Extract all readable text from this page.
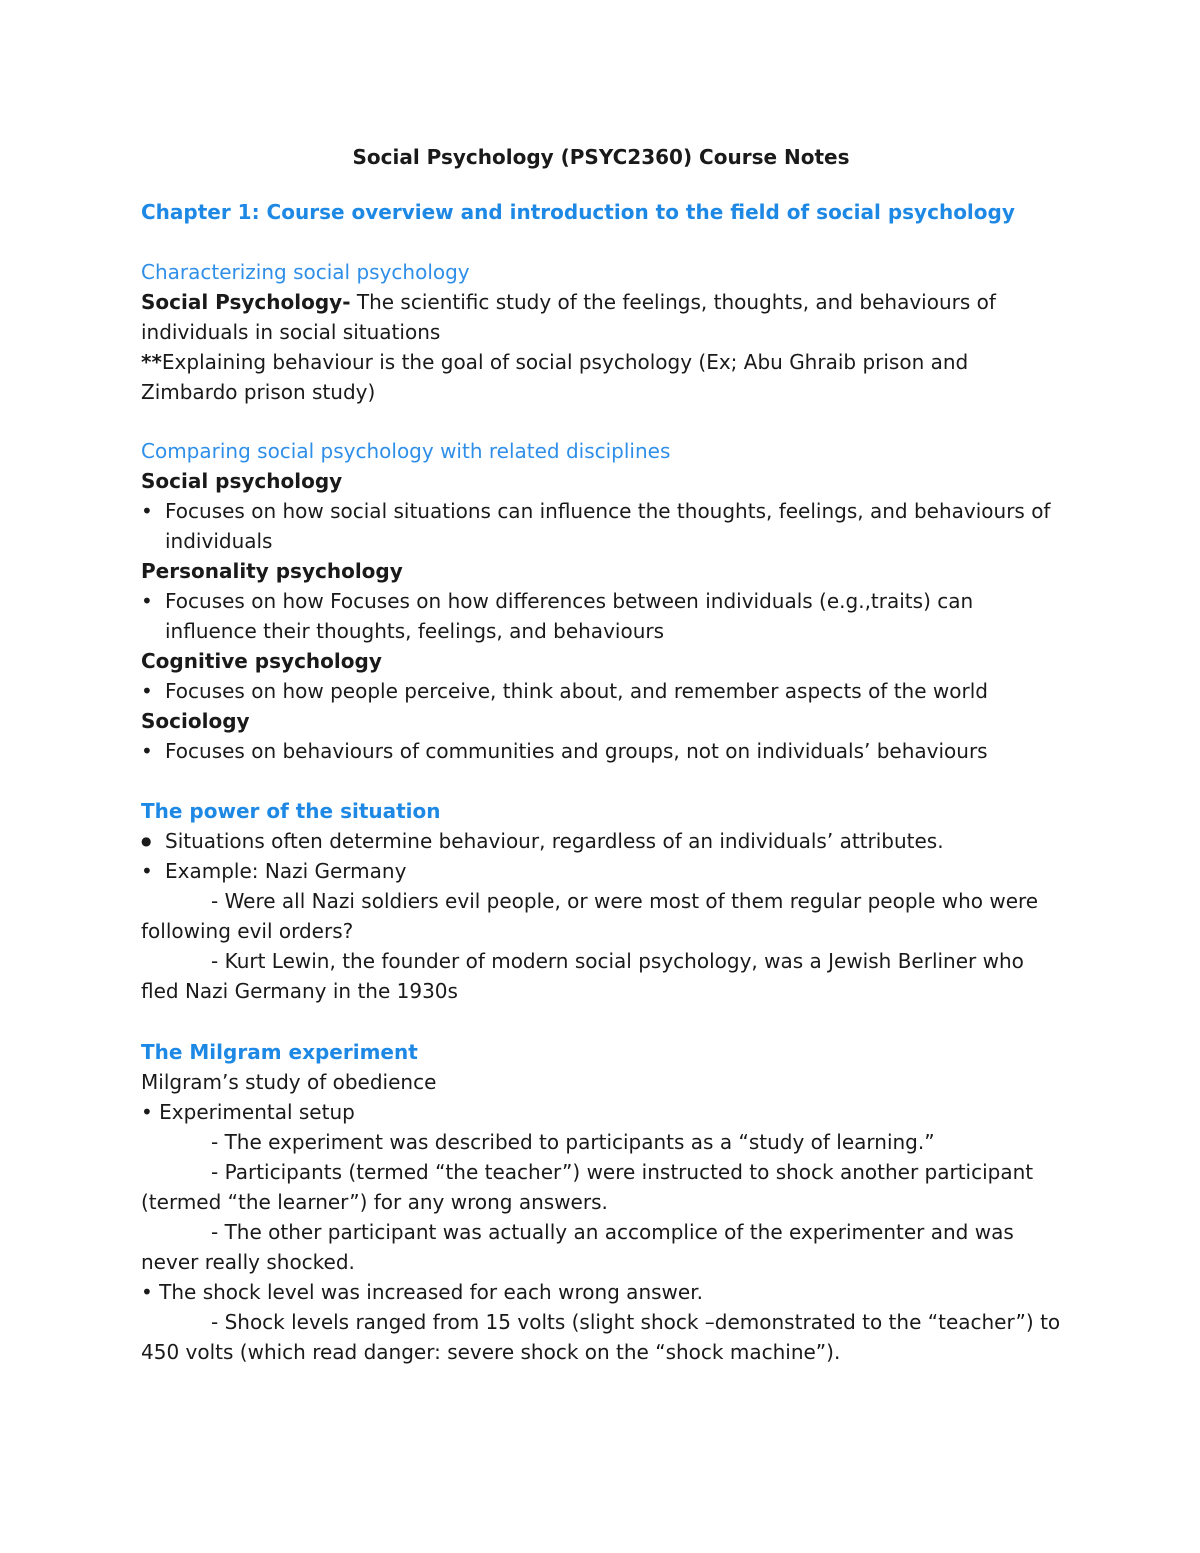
Social Psychology (PSYC2360) Course Notes
Chapter 1: Course overview and introduction to the field of social psychology
Characterizing social psychology

Social Psychology- The scientific study of the feelings, thoughts, and behaviours of individuals in social situations

**Explaining behaviour is the goal of social psychology (Ex; Abu Ghraib prison and Zimbardo prison study)

Comparing social psychology with related disciplines

Social psychology

• Focuses on how social situations can influence the thoughts, feelings, and behaviours of individuals

Personality psychology

• Focuses on how Focuses on how differences between individuals (e.g.,traits) can influence their thoughts, feelings, and behaviours

Cognitive psychology

• Focuses on how people perceive, think about, and remember aspects of the world

Sociology

• Focuses on behaviours of communities and groups, not on individuals’ behaviours
The power of the situation
● Situations often determine behaviour, regardless of an individuals’ attributes.
• Example: Nazi Germany

- Were all Nazi soldiers evil people, or were most of them regular people who were following evil orders?

- Kurt Lewin, the founder of modern social psychology, was a Jewish Berliner who fled Nazi Germany in the 1930s

The Milgram experiment

Milgram’s study of obedience

• Experimental setup

- The experiment was described to participants as a “study of learning.”

- Participants (termed “the teacher”) were instructed to shock another participant (termed “the learner”) for any wrong answers.

- The other participant was actually an accomplice of the experimenter and was never really shocked.

• The shock level was increased for each wrong answer.

- Shock levels ranged from 15 volts (slight shock –demonstrated to the “teacher”) to 450 volts (which read danger: severe shock on the “shock machine”).
